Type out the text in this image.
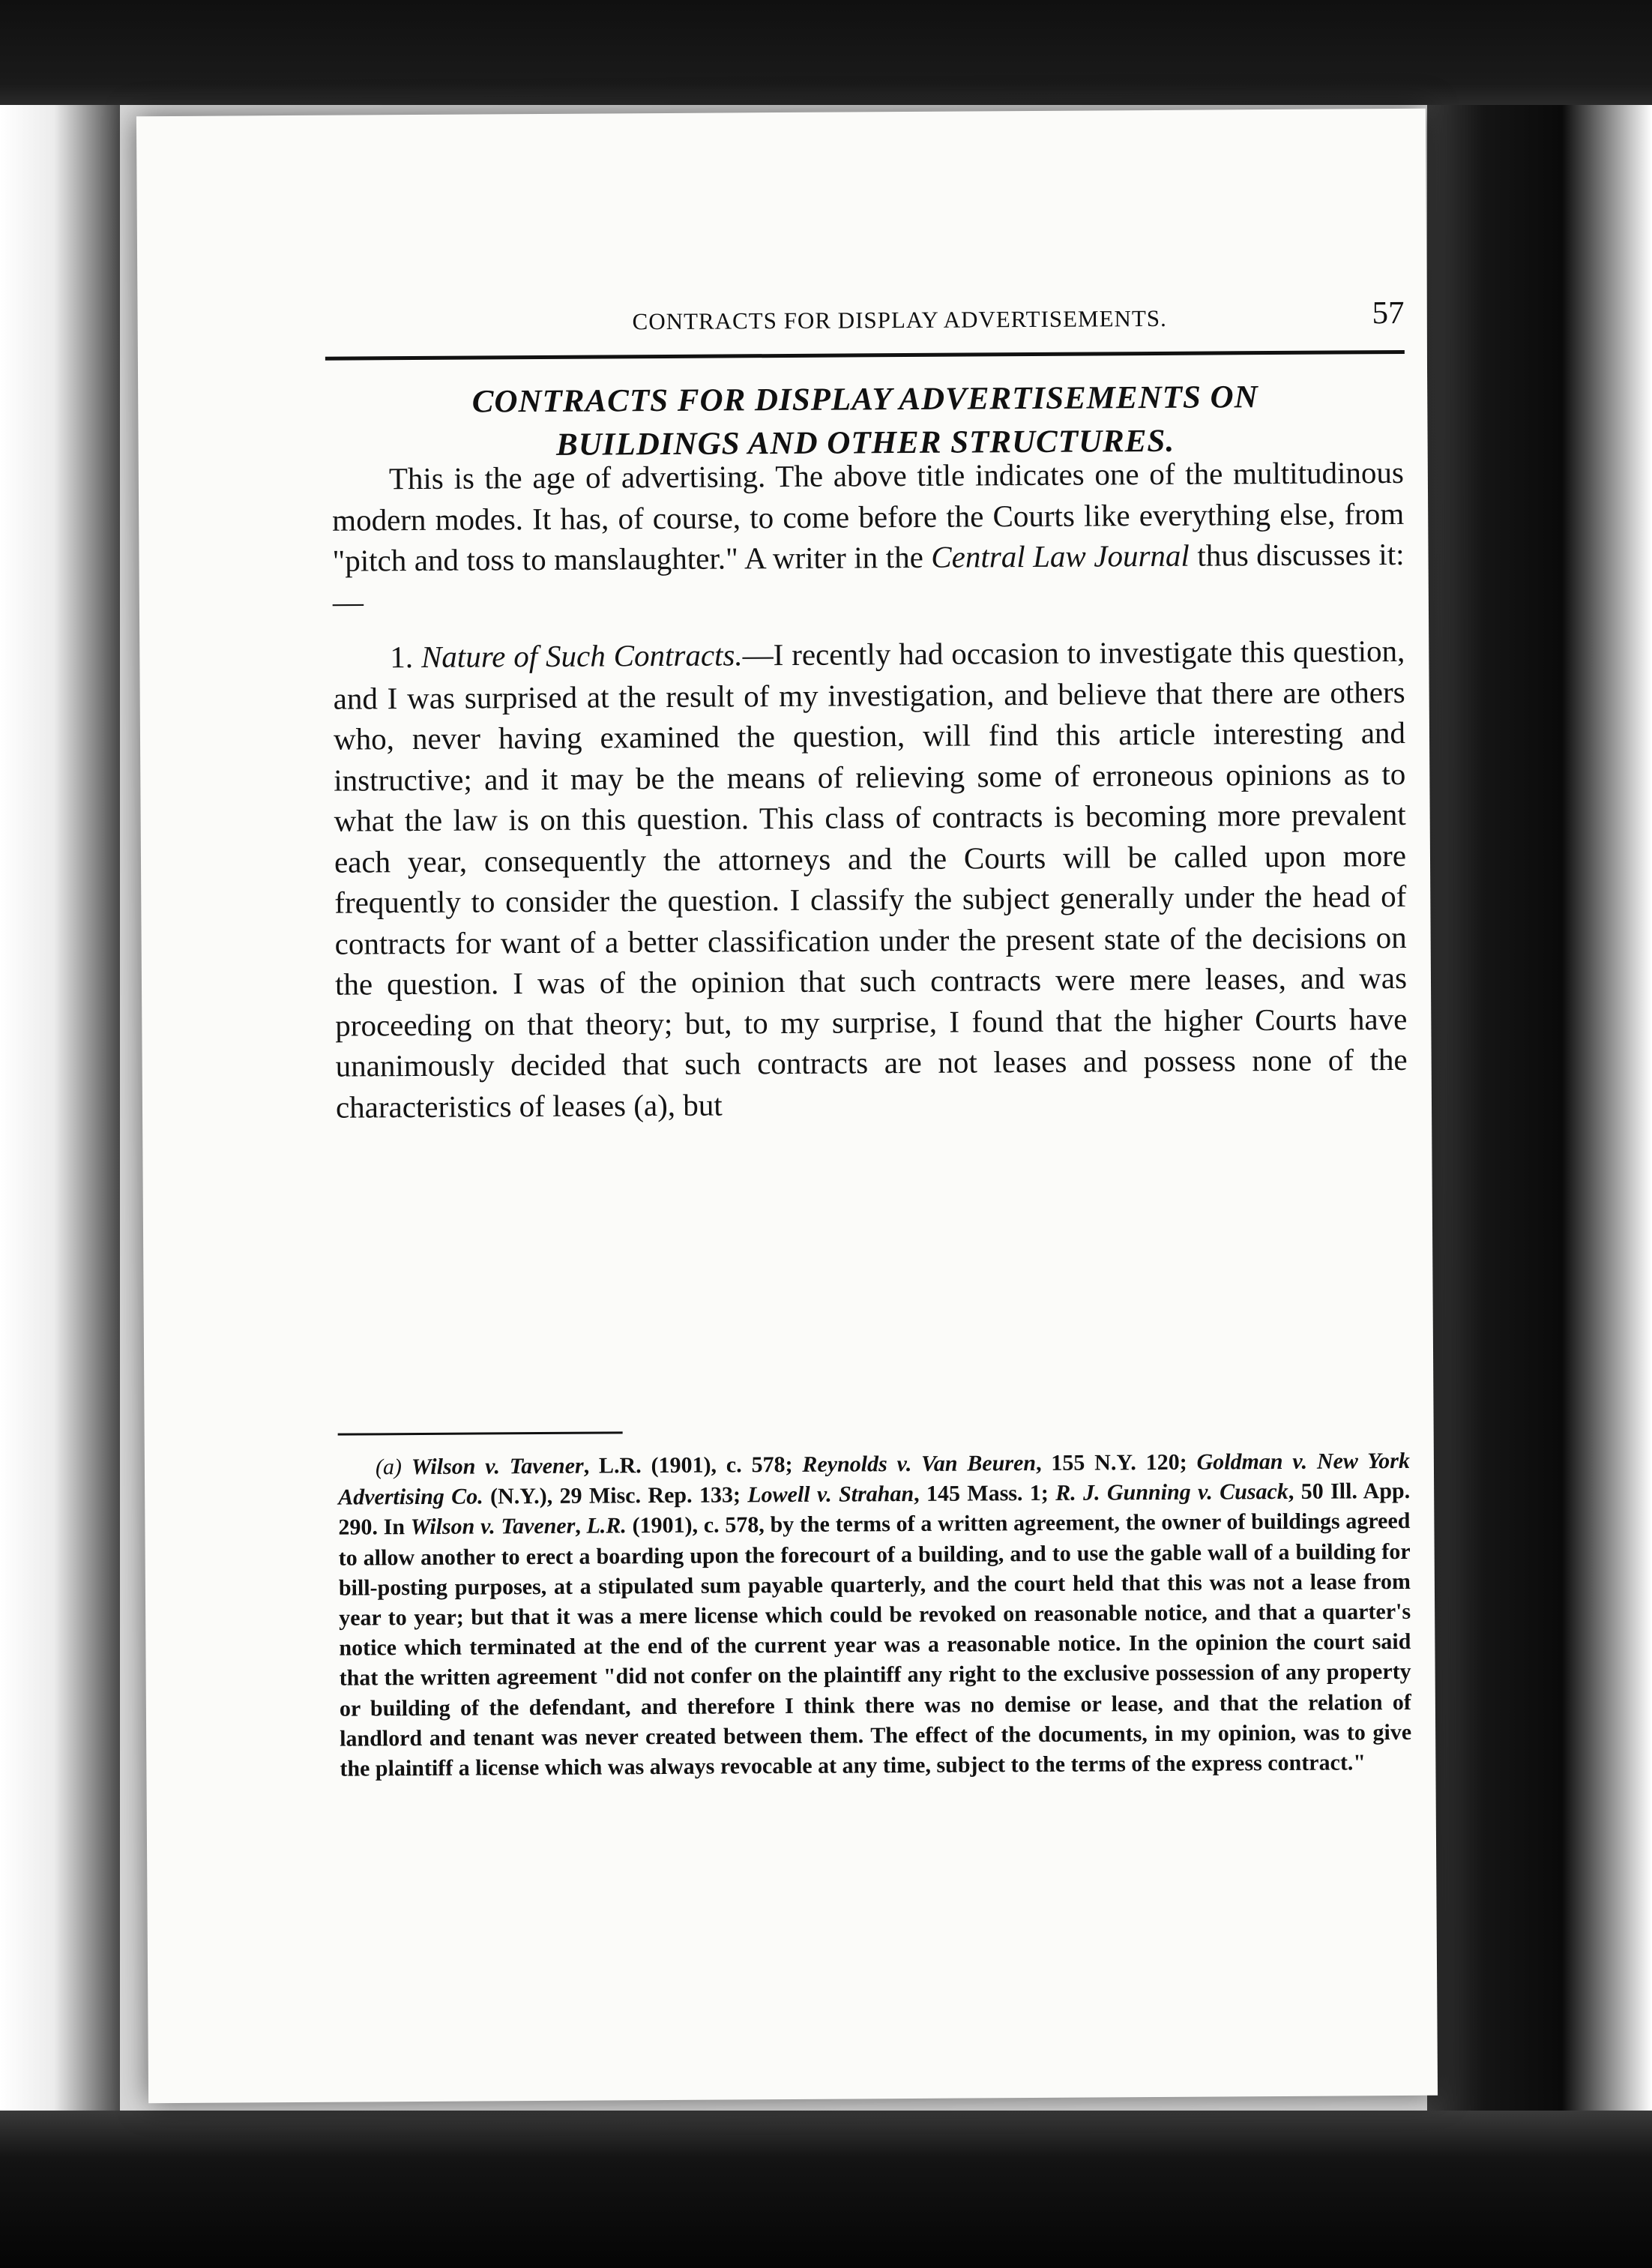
CONTRACTS FOR DISPLAY ADVERTISEMENTS.	57
CONTRACTS FOR DISPLAY ADVERTISEMENTS ON
BUILDINGS AND OTHER STRUCTURES.

This is the age of advertising. The above title indicates one of the multitudinous modern modes. It has, of course, to come before the Courts like everything else, from "pitch and toss to manslaughter." A writer in the Central Law Journal thus discusses it:—

1. Nature of Such Contracts.—I recently had occasion to investigate this question, and I was surprised at the result of my investigation, and believe that there are others who, never having examined the question, will find this article interesting and instructive; and it may be the means of relieving some of erroneous opinions as to what the law is on this question. This class of contracts is becoming more prevalent each year, consequently the attorneys and the Courts will be called upon more frequently to consider the question. I classify the subject generally under the head of contracts for want of a better classification under the present state of the decisions on the question. I was of the opinion that such contracts were mere leases, and was proceeding on that theory; but, to my surprise, I found that the higher Courts have unanimously decided that such contracts are not leases and possess none of the characteristics of leases (a), but

(a) Wilson v. Tavener, L.R. (1901), c. 578; Reynolds v. Van Beuren, 155 N.Y. 120; Goldman v. New York Advertising Co. (N.Y.), 29 Misc. Rep. 133; Lowell v. Strahan, 145 Mass. 1; R. J. Gunning v. Cusack, 50 Ill. App. 290. In Wilson v. Tavener, L.R. (1901), c. 578, by the terms of a written agreement, the owner of buildings agreed to allow another to erect a boarding upon the forecourt of a building, and to use the gable wall of a building for bill-posting purposes, at a stipulated sum payable quarterly, and the court held that this was not a lease from year to year; but that it was a mere license which could be revoked on reasonable notice, and that a quarter's notice which terminated at the end of the current year was a reasonable notice. In the opinion the court said that the written agreement "did not confer on the plaintiff any right to the exclusive possession of any property or building of the defendant, and therefore I think there was no demise or lease, and that the relation of landlord and tenant was never created between them. The effect of the documents, in my opinion, was to give the plaintiff a license which was always revocable at any time, subject to the terms of the express contract."
